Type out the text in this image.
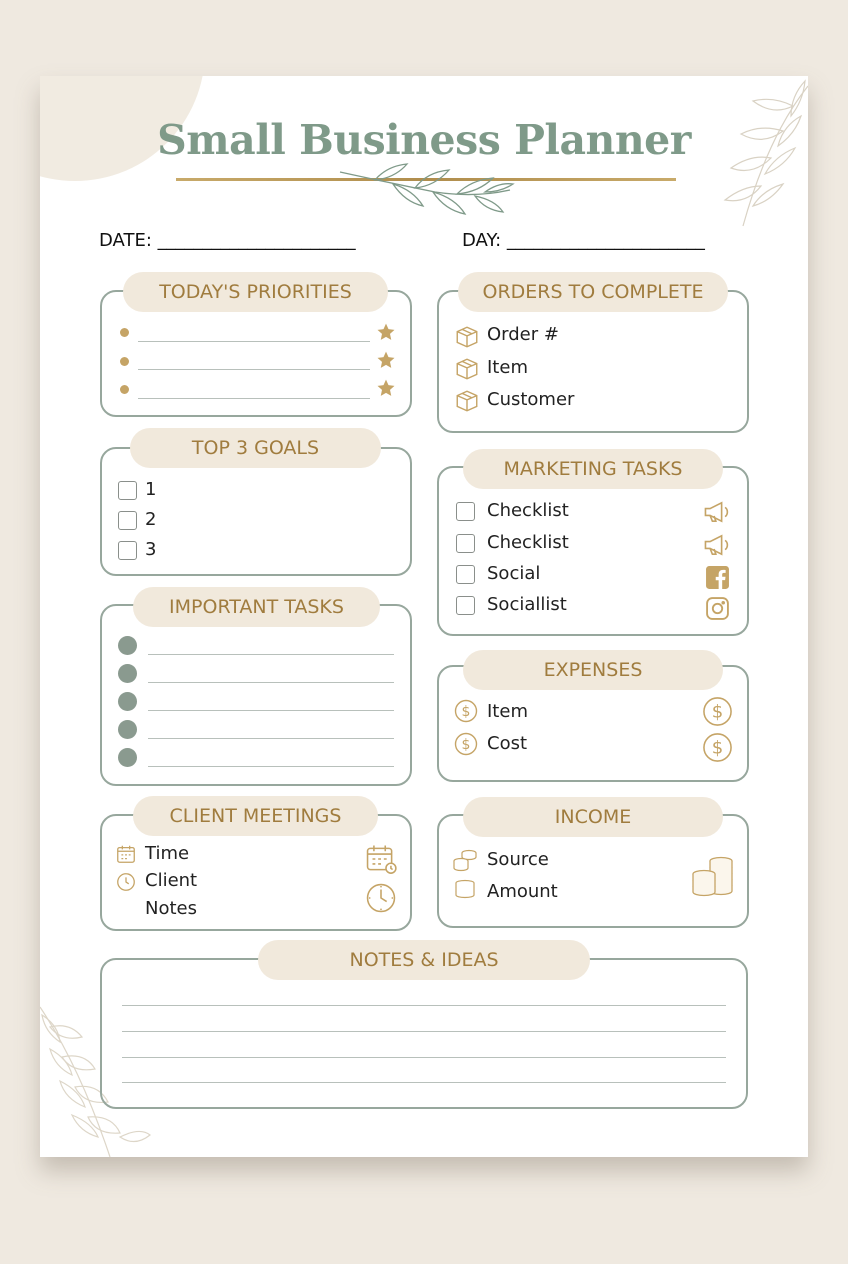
Small Business Planner
DATE: ______________________	DAY: ______________________
TODAY'S PRIORITIES
TOP 3 GOALS
1
2
3
IMPORTANT TASKS
CLIENT MEETINGS
Time
Client
Notes
ORDERS TO COMPLETE
Order #
Item
Customer
MARKETING TASKS
Checklist
Checklist
Social
Sociallist
EXPENSES
$ Item
$ Cost
$
$
INCOME
Source
Amount
NOTES & IDEAS
